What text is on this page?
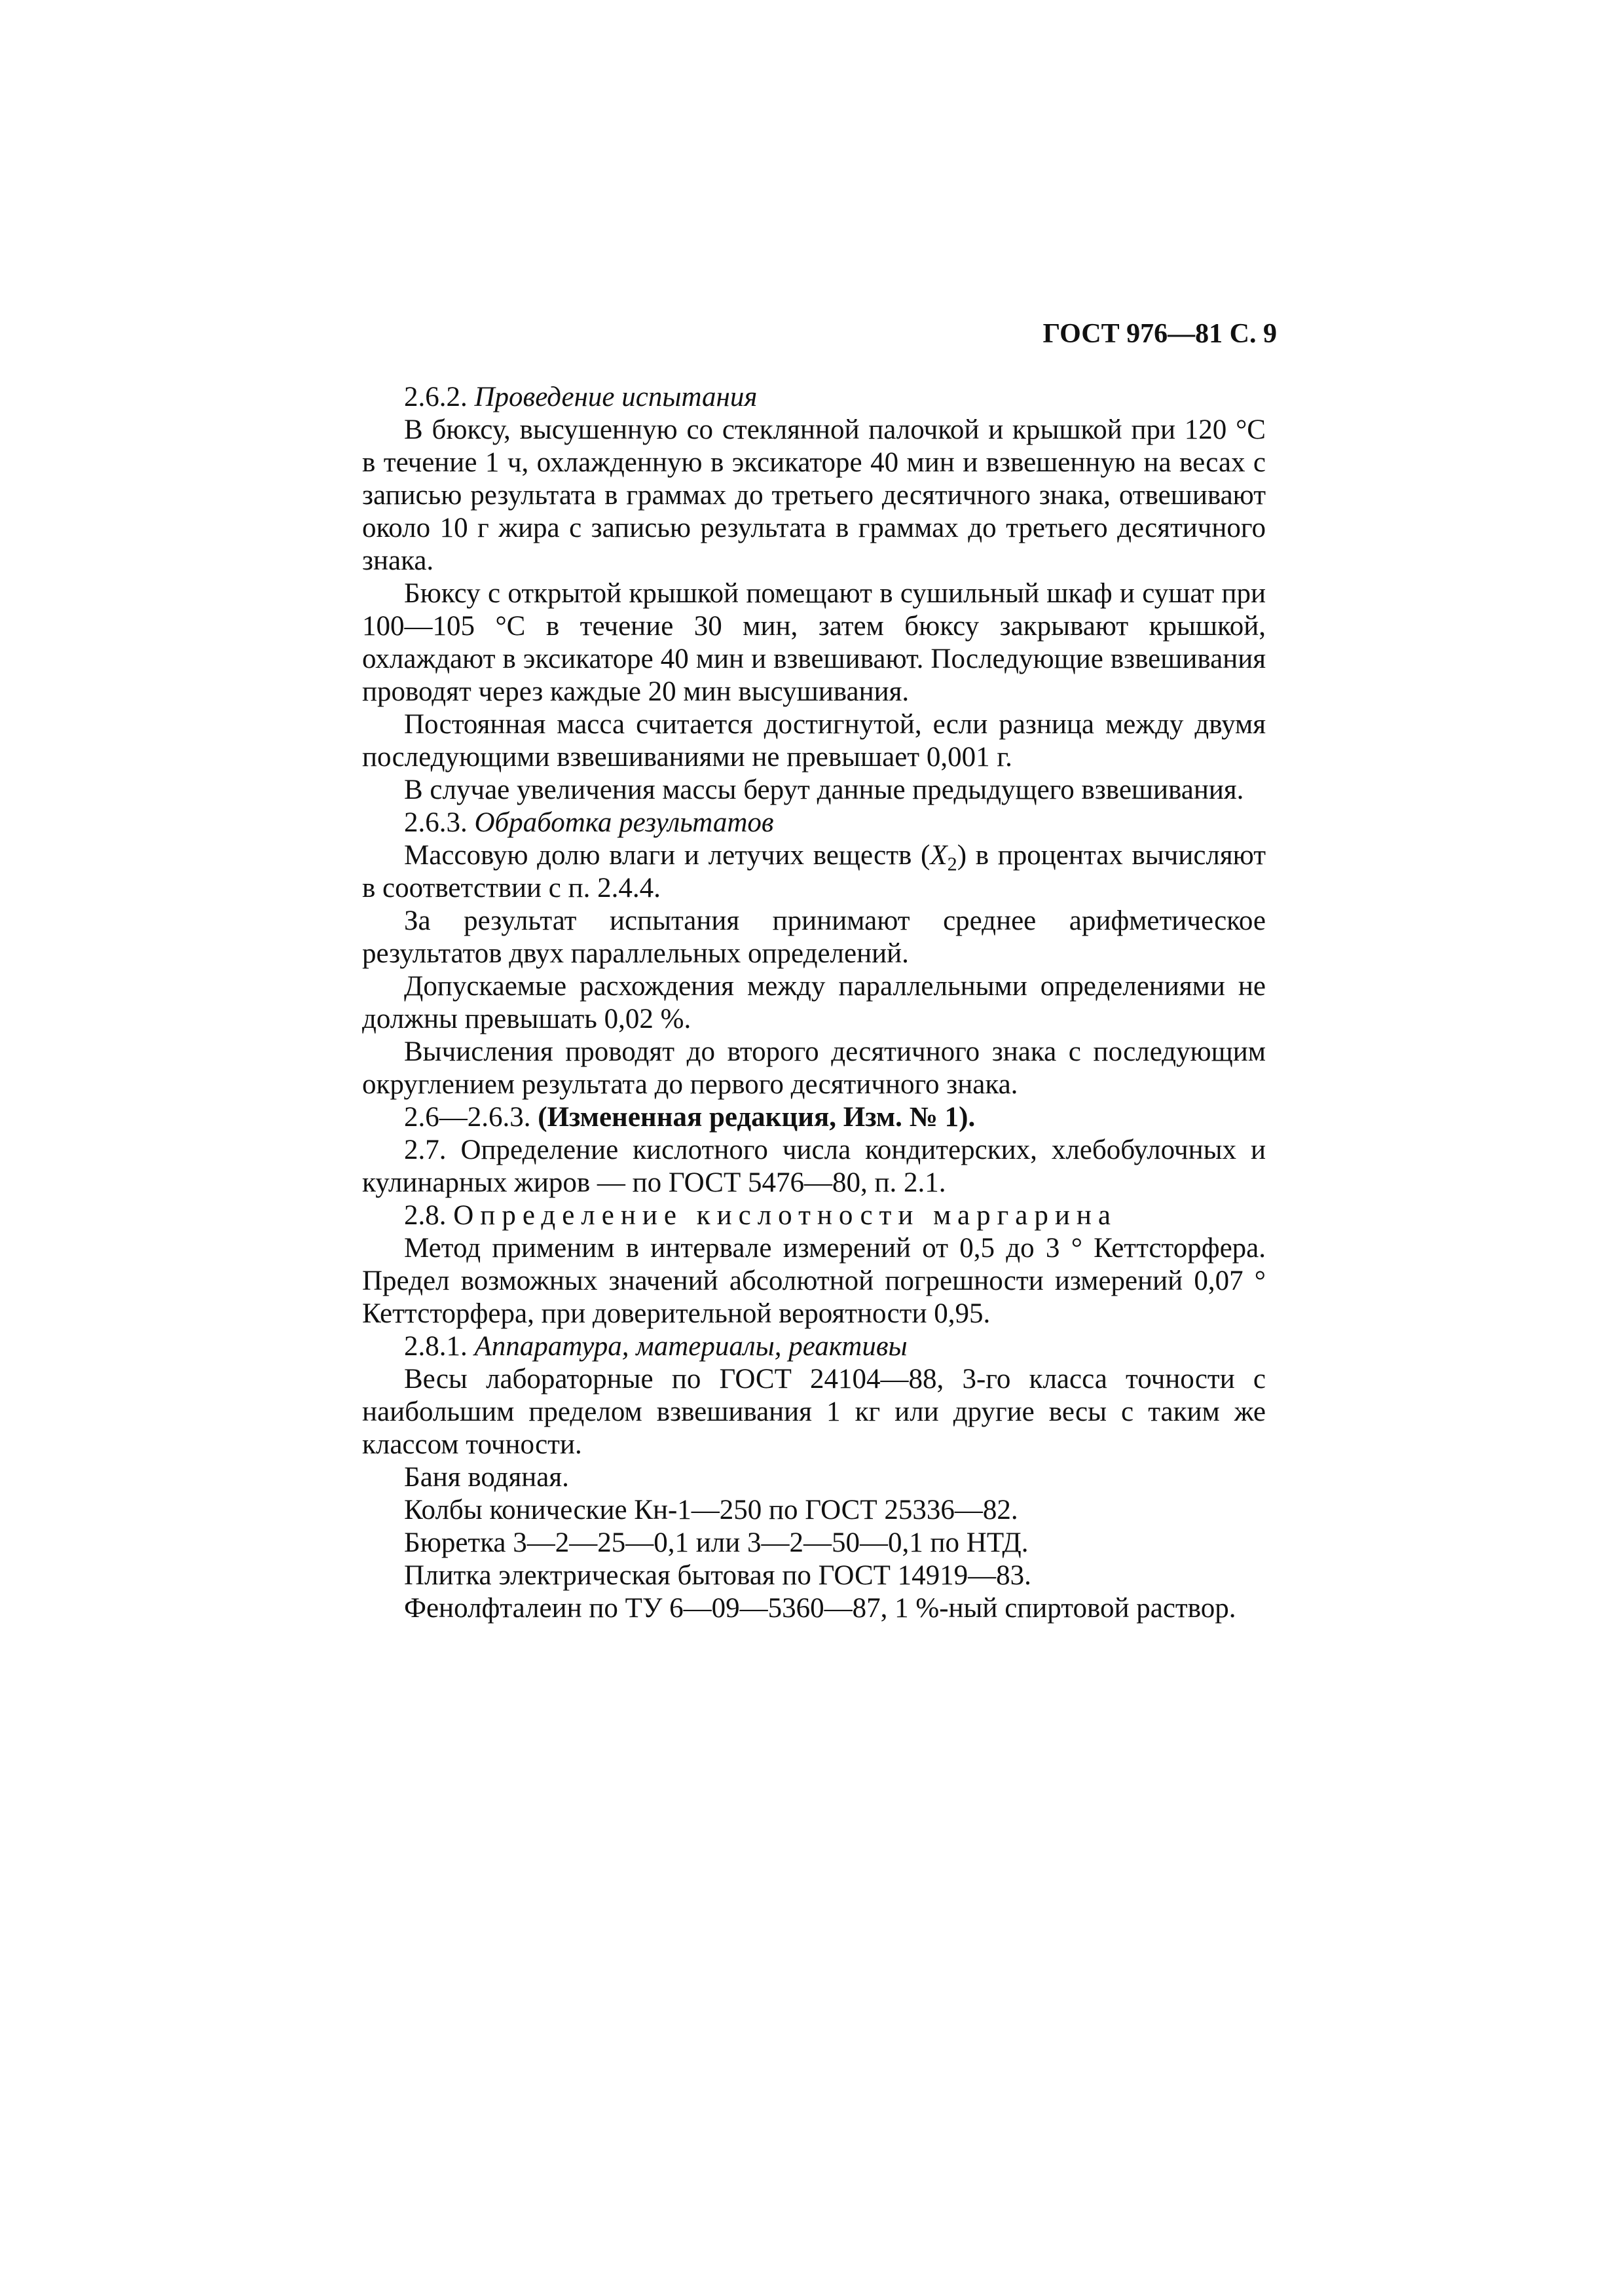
ГОСТ 976—81 С. 9

2.6.2. Проведение испытания

В бюксу, высушенную со стеклянной палочкой и крышкой при 120 °С в течение 1 ч, охлажденную в эксикаторе 40 мин и взвешенную на весах с записью результата в граммах до третьего десятичного знака, отвешивают около 10 г жира с записью результата в граммах до третьего десятичного знака.

Бюксу с открытой крышкой помещают в сушильный шкаф и сушат при 100—105 °С в течение 30 мин, затем бюксу закрывают крышкой, охлаждают в эксикаторе 40 мин и взвешивают. Последующие взвешивания проводят через каждые 20 мин высушивания.

Постоянная масса считается достигнутой, если разница между двумя последующими взвешиваниями не превышает 0,001 г.

В случае увеличения массы берут данные предыдущего взвешивания.

2.6.3. Обработка результатов

Массовую долю влаги и летучих веществ $(X_2)$ в процентах вычисляют в соответствии с п. 2.4.4.

За результат испытания принимают среднее арифметическое результатов двух параллельных определений.

Допускаемые расхождения между параллельными определениями не должны превышать 0,02 %.

Вычисления проводят до второго десятичного знака с последующим округлением результата до первого десятичного знака.

2.6—2.6.3. (Измененная редакция, Изм. № 1).

2.7. Определение кислотного числа кондитерских, хлебобулочных и кулинарных жиров — по ГОСТ 5476—80, п. 2.1.

2.8. Определение кислотности маргарина

Метод применим в интервале измерений от 0,5 до 3 ° Кеттсторфера. Предел возможных значений абсолютной погрешности измерений 0,07 ° Кеттсторфера, при доверительной вероятности 0,95.

2.8.1. Аппаратура, материалы, реактивы

Весы лабораторные по ГОСТ 24104—88, 3-го класса точности с наибольшим пределом взвешивания 1 кг или другие весы с таким же классом точности.

Баня водяная.

Колбы конические Кн-1—250 по ГОСТ 25336—82.

Бюретка 3—2—25—0,1 или 3—2—50—0,1 по НТД.

Плитка электрическая бытовая по ГОСТ 14919—83.

Фенолфталеин по ТУ 6—09—5360—87, 1 %-ный спиртовой раствор.
